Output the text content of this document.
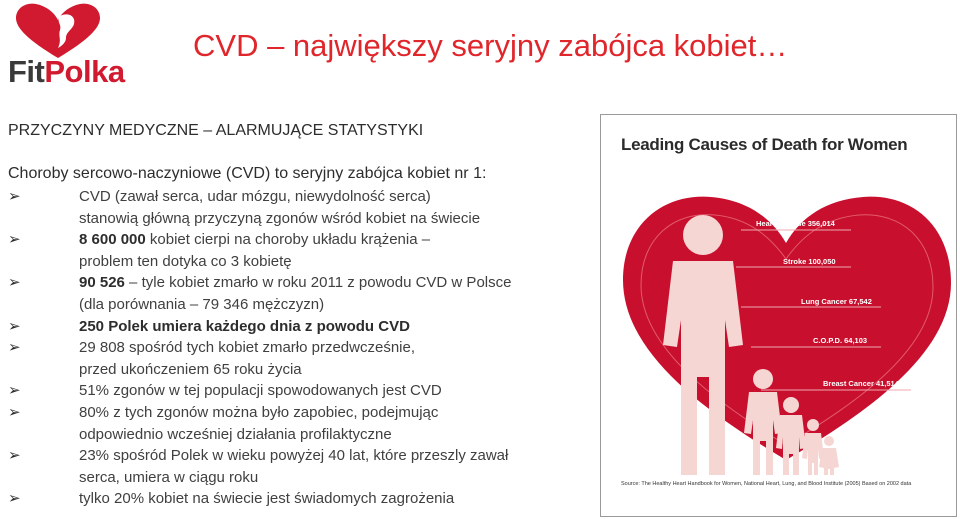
FitPolka
CVD – największy seryjny zabójca kobiet…
PRZYCZYNY MEDYCZNE – ALARMUJĄCE STATYSTYKI
Choroby sercowo-naczyniowe (CVD) to seryjny zabójca kobiet nr 1:
➢	CVD (zawał serca, udar mózgu, niewydolność serca)
stanowią główną przyczyną zgonów wśród kobiet na świecie
➢	8 600 000 kobiet cierpi na choroby układu krążenia –
problem ten dotyka co 3 kobietę
➢	90 526 – tyle kobiet zmarło w roku 2011 z powodu CVD w Polsce
(dla porównania – 79 346 mężczyzn)
➢	250 Polek umiera każdego dnia z powodu CVD
➢	29 808 spośród tych kobiet zmarło przedwcześnie,
przed ukończeniem 65 roku życia
➢	51% zgonów w tej populacji spowodowanych jest CVD
➢	80% z tych zgonów można było zapobiec, podejmując
odpowiednio wcześniej działania profilaktyczne
➢	23% spośród Polek w wieku powyżej 40 lat, które przeszly zawał
serca, umiera w ciągu roku
➢	tylko 20% kobiet na świecie jest świadomych zagrożenia
Leading Causes of Death for Women
Heart Disease 356,014
Stroke 100,050
Lung Cancer 67,542
C.O.P.D. 64,103
Breast Cancer 41,514
Source: The Healthy Heart Handbook for Women, National Heart, Lung, and Blood Institute (2005) Based on 2002 data
